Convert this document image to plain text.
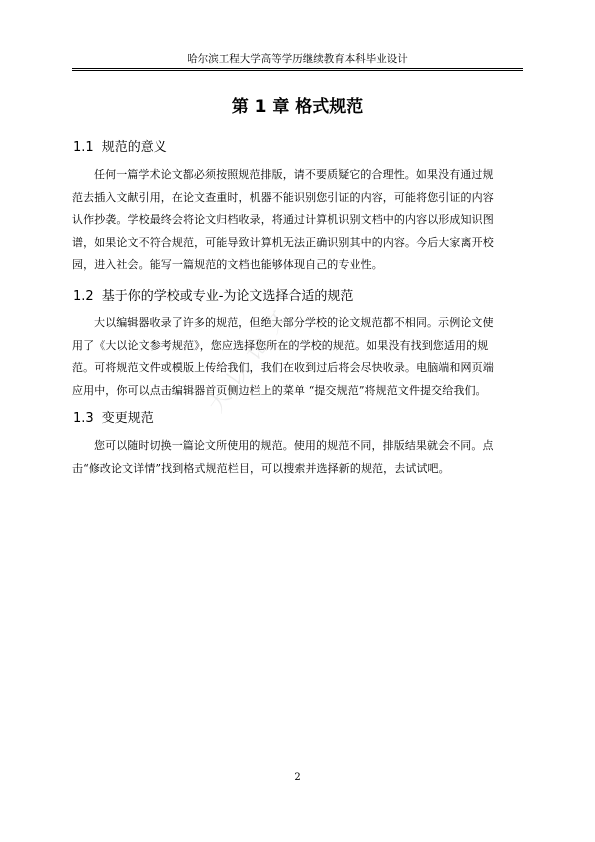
哈尔滨工程大学高等学历继续教育本科毕业设计
第 1 章 格式规范
1.1 规范的意义
任何一篇学术论文都必须按照规范排版，请不要质疑它的合理性。如果没有通过规
范去插入文献引用，在论文查重时，机器不能识别您引证的内容，可能将您引证的内容
认作抄袭。学校最终会将论文归档收录，将通过计算机识别文档中的内容以形成知识图
谱，如果论文不符合规范，可能导致计算机无法正确识别其中的内容。今后大家离开校
园，进入社会。能写一篇规范的文档也能够体现自己的专业性。
1.2 基于你的学校或专业-为论文选择合适的规范
大以编辑器收录了许多的规范，但绝大部分学校的论文规范都不相同。示例论文使
用了《大以论文参考规范》，您应选择您所在的学校的规范。如果没有找到您适用的规
范。可将规范文件或模版上传给我们，我们在收到过后将会尽快收录。电脑端和网页端
应用中，你可以点击编辑器首页侧边栏上的菜单 “提交规范”将规范文件提交给我们。
1.3 变更规范
您可以随时切换一篇论文所使用的规范。使用的规范不同，排版结果就会不同。点
击“修改论文详情”找到格式规范栏目，可以搜索并选择新的规范，去试试吧。
大以论文
2
